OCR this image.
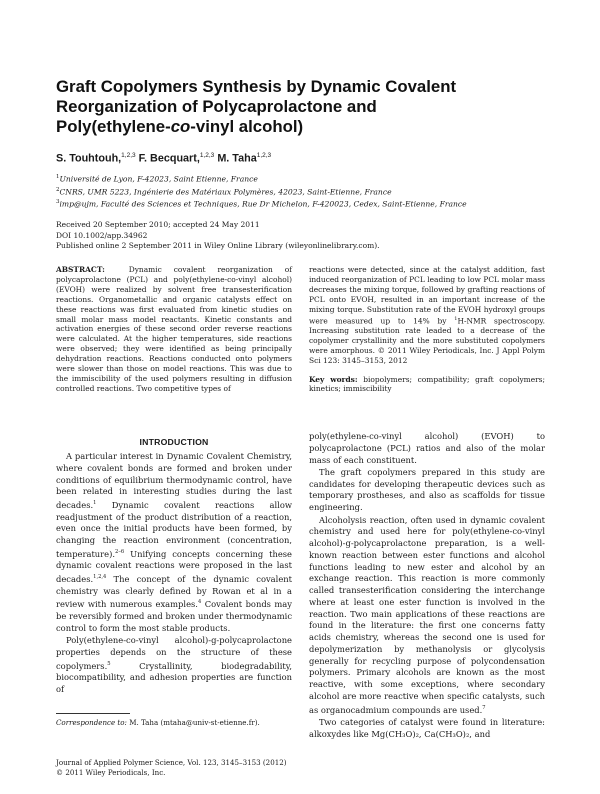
Graft Copolymers Synthesis by Dynamic Covalent
Reorganization of Polycaprolactone and
Poly(ethylene-co-vinyl alcohol)
S. Touhtouh,$^{1,2,3}$ F. Becquart,$^{1,2,3}$ M. Taha$^{1,2,3}$
$^1$Université de Lyon, F-42023, Saint Etienne, France
$^2$CNRS, UMR 5223, Ingénierie des Matériaux Polymères, 42023, Saint-Etienne, France
$^3$imp@ujm, Faculté des Sciences et Techniques, Rue Dr Michelon, F-420023, Cedex, Saint-Etienne, France
Received 20 September 2010; accepted 24 May 2011
DOI 10.1002/app.34962
Published online 2 September 2011 in Wiley Online Library (wileyonlinelibrary.com).
ABSTRACT:	Dynamic covalent reorganization of polycaprolactone (PCL) and poly(ethylene-co-vinyl alcohol) (EVOH) were realized by solvent free transesterification reactions. Organometallic and organic catalysts effect on these reactions was first evaluated from kinetic studies on small molar mass model reactants. Kinetic constants and activation energies of these second order reverse reactions were calculated. At the higher temperatures, side reactions were observed; they were identified as being principally dehydration reactions. Reactions conducted onto polymers were slower than those on model reactions. This was due to the immiscibility of the used polymers resulting in diffusion controlled reactions. Two competitive types of
reactions were detected, since at the catalyst addition, fast induced reorganization of PCL leading to low PCL molar mass decreases the mixing torque, followed by grafting reactions of PCL onto EVOH, resulted in an important increase of the mixing torque. Substitution rate of the EVOH hydroxyl groups were measured up to 14% by $^1$H-NMR spectroscopy. Increasing substitution rate leaded to a decrease of the copolymer crystallinity and the more substituted copolymers were amorphous. © 2011 Wiley Periodicals, Inc. J Appl Polym Sci 123: 3145–3153, 2012
Key words: biopolymers; compatibility; graft copolymers; kinetics; immiscibility
INTRODUCTION

A particular interest in Dynamic Covalent Chemistry, where covalent bonds are formed and broken under conditions of equilibrium thermodynamic control, have been related in interesting studies during the last decades.$^1$ Dynamic covalent reactions allow readjustment of the product distribution of a reaction, even once the initial products have been formed, by changing the reaction environment (concentration, temperature).$^{2-6}$ Unifying concepts concerning these dynamic covalent reactions were proposed in the last decades.$^{1,2,4}$ The concept of the dynamic covalent chemistry was clearly defined by Rowan et al in a review with numerous examples.$^4$ Covalent bonds may be reversibly formed and broken under thermodynamic control to form the most stable products.

Poly(ethylene-co-vinyl alcohol)-g-polycaprolactone properties depends on the structure of these copolymers.$^5$ Crystallinity, biodegradability, biocompatibility, and adhesion properties are function of

poly(ethylene-co-vinyl alcohol) (EVOH) to polycaprolactone (PCL) ratios and also of the molar mass of each constituent.

The graft copolymers prepared in this study are candidates for developing therapeutic devices such as temporary prostheses, and also as scaffolds for tissue engineering.

Alcoholysis reaction, often used in dynamic covalent chemistry and used here for poly(ethylene-co-vinyl alcohol)-g-polycaprolactone preparation, is a well-known reaction between ester functions and alcohol functions leading to new ester and alcohol by an exchange reaction. This reaction is more commonly called transesterification considering the interchange where at least one ester function is involved in the reaction. Two main applications of these reactions are found in the literature: the first one concerns fatty acids chemistry, whereas the second one is used for depolymerization by methanolysis or glycolysis generally for recycling purpose of polycondensation polymers. Primary alcohols are known as the most reactive, with some exceptions, where secondary alcohol are more reactive when specific catalysts, such as organocadmium compounds are used.$^7$

Two categories of catalyst were found in literature: alkoxydes like Mg(CH₃O)₂, Ca(CH₃O)₂, and

Correspondence to: M. Taha (mtaha@univ-st-etienne.fr).
Journal of Applied Polymer Science, Vol. 123, 3145–3153 (2012)
© 2011 Wiley Periodicals, Inc.
